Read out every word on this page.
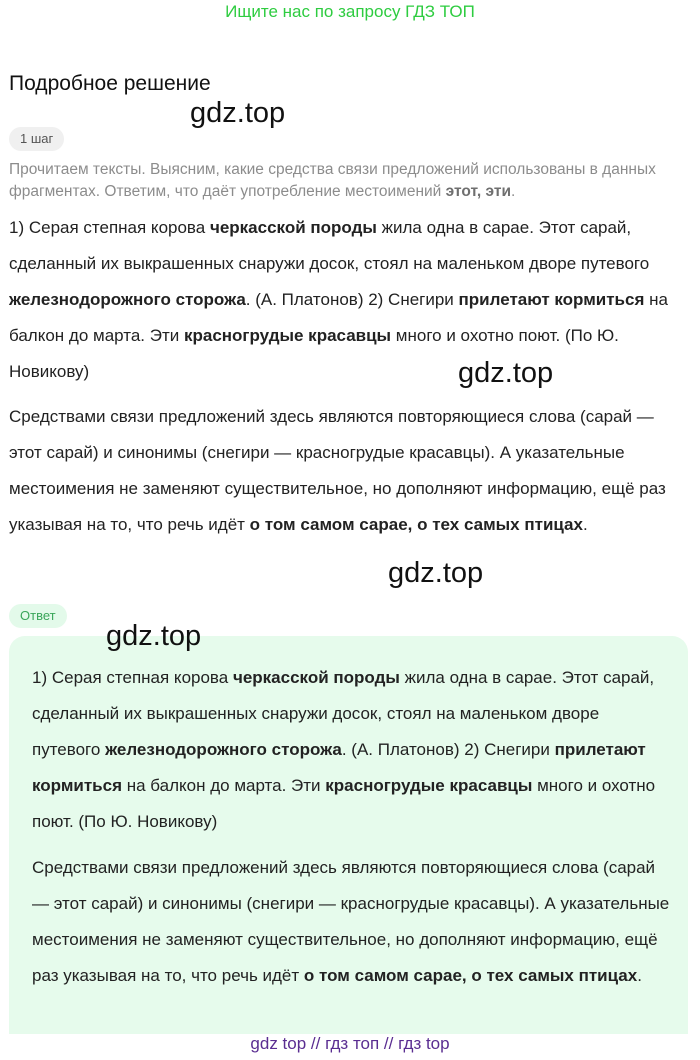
Ищите нас по запросу ГДЗ ТОП
Подробное решение
1 шаг

Прочитаем тексты. Выясним, какие средства связи предложений использованы в данных фрагментах. Ответим, что даёт употребление местоимений этот, эти.

1) Серая степная корова черкасской породы жила одна в сарае. Этот сарай, сделанный их выкрашенных снаружи досок, стоял на маленьком дворе путевого железнодорожного сторожа. (А. Платонов) 2) Снегири прилетают кормиться на балкон до марта. Эти красногрудые красавцы много и охотно поют. (По Ю. Новикову)

Средствами связи предложений здесь являются повторяющиеся слова (сарай — этот сарай) и синонимы (снегири — красногрудые красавцы). А указательные местоимения не заменяют существительное, но дополняют информацию, ещё раз указывая на то, что речь идёт о том самом сарае, о тех самых птицах.

Ответ

1) Серая степная корова черкасской породы жила одна в сарае. Этот сарай, сделанный их выкрашенных снаружи досок, стоял на маленьком дворе путевого железнодорожного сторожа. (А. Платонов) 2) Снегири прилетают кормиться на балкон до марта. Эти красногрудые красавцы много и охотно поют. (По Ю. Новикову)

Средствами связи предложений здесь являются повторяющиеся слова (сарай — этот сарай) и синонимы (снегири — красногрудые красавцы). А указательные местоимения не заменяют существительное, но дополняют информацию, ещё раз указывая на то, что речь идёт о том самом сарае, о тех самых птицах.

gdz.top
gdz.top
gdz.top
gdz.top
gdz top // гдз топ // гдз top
